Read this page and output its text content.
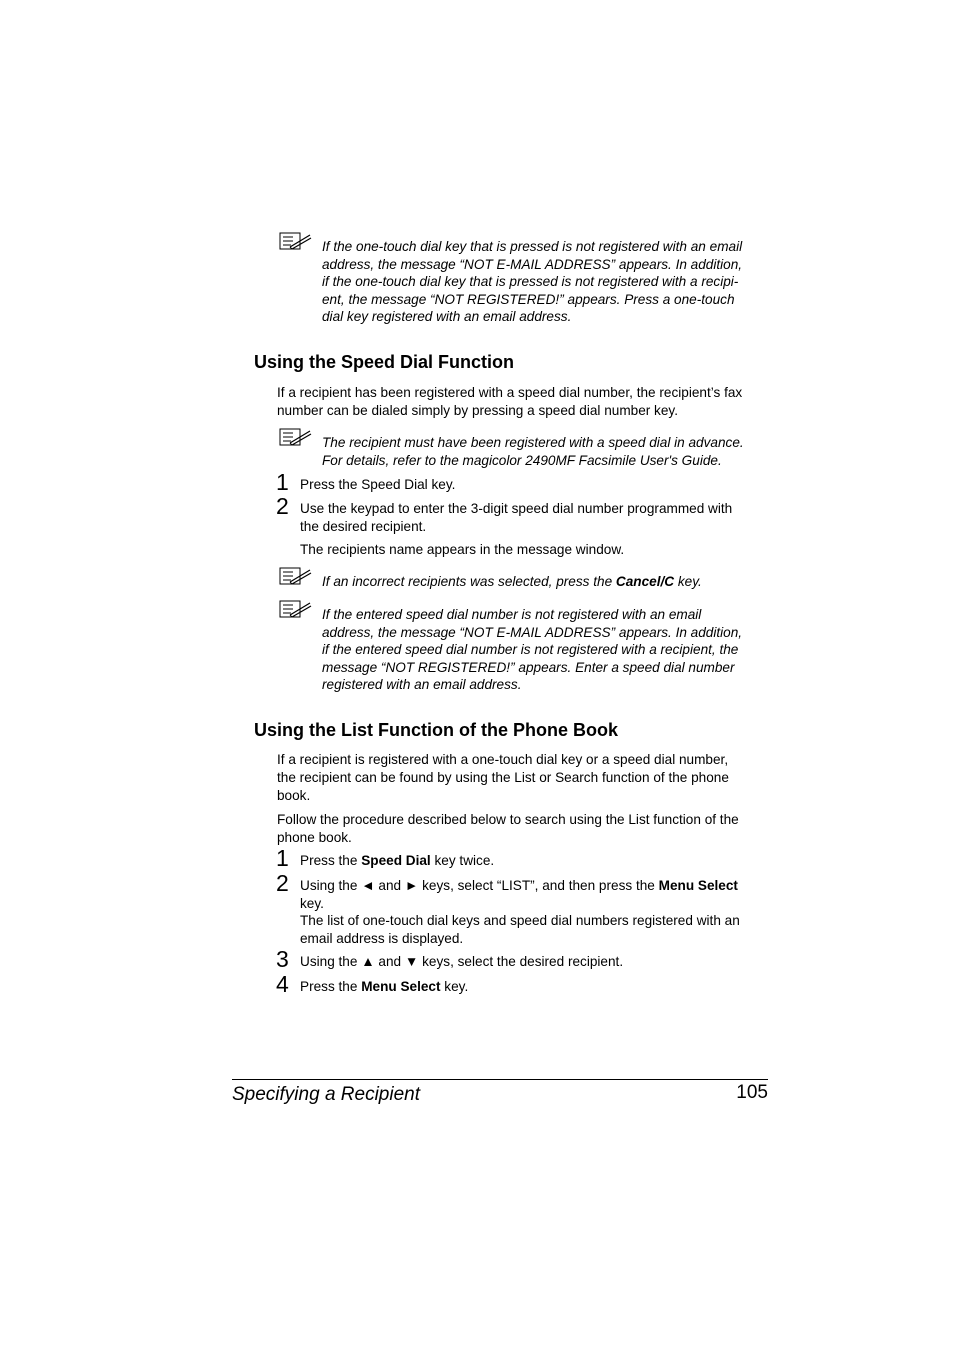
If the one-touch dial key that is pressed is not registered with an email
address, the message “NOT E-MAIL ADDRESS” appears. In addition,
if the one-touch dial key that is pressed is not registered with a recipi-
ent, the message “NOT REGISTERED!” appears. Press a one-touch
dial key registered with an email address.
Using the Speed Dial Function
If a recipient has been registered with a speed dial number, the recipient’s fax
number can be dialed simply by pressing a speed dial number key.
The recipient must have been registered with a speed dial in advance.
For details, refer to the magicolor 2490MF Facsimile User's Guide.
1 Press the Speed Dial key.
2 Use the keypad to enter the 3-digit speed dial number programmed with
the desired recipient.
The recipients name appears in the message window.
If an incorrect recipients was selected, press the Cancel/C key.
If the entered speed dial number is not registered with an email
address, the message “NOT E-MAIL ADDRESS” appears. In addition,
if the entered speed dial number is not registered with a recipient, the
message “NOT REGISTERED!” appears. Enter a speed dial number
registered with an email address.
Using the List Function of the Phone Book
If a recipient is registered with a one-touch dial key or a speed dial number,
the recipient can be found by using the List or Search function of the phone
book.
Follow the procedure described below to search using the List function of the
phone book.
1 Press the Speed Dial key twice.
2 Using the ◄ and ► keys, select “LIST”, and then press the Menu Select
key.
The list of one-touch dial keys and speed dial numbers registered with an
email address is displayed.
3 Using the ▲ and ▼ keys, select the desired recipient.
4 Press the Menu Select key.
Specifying a Recipient	105
